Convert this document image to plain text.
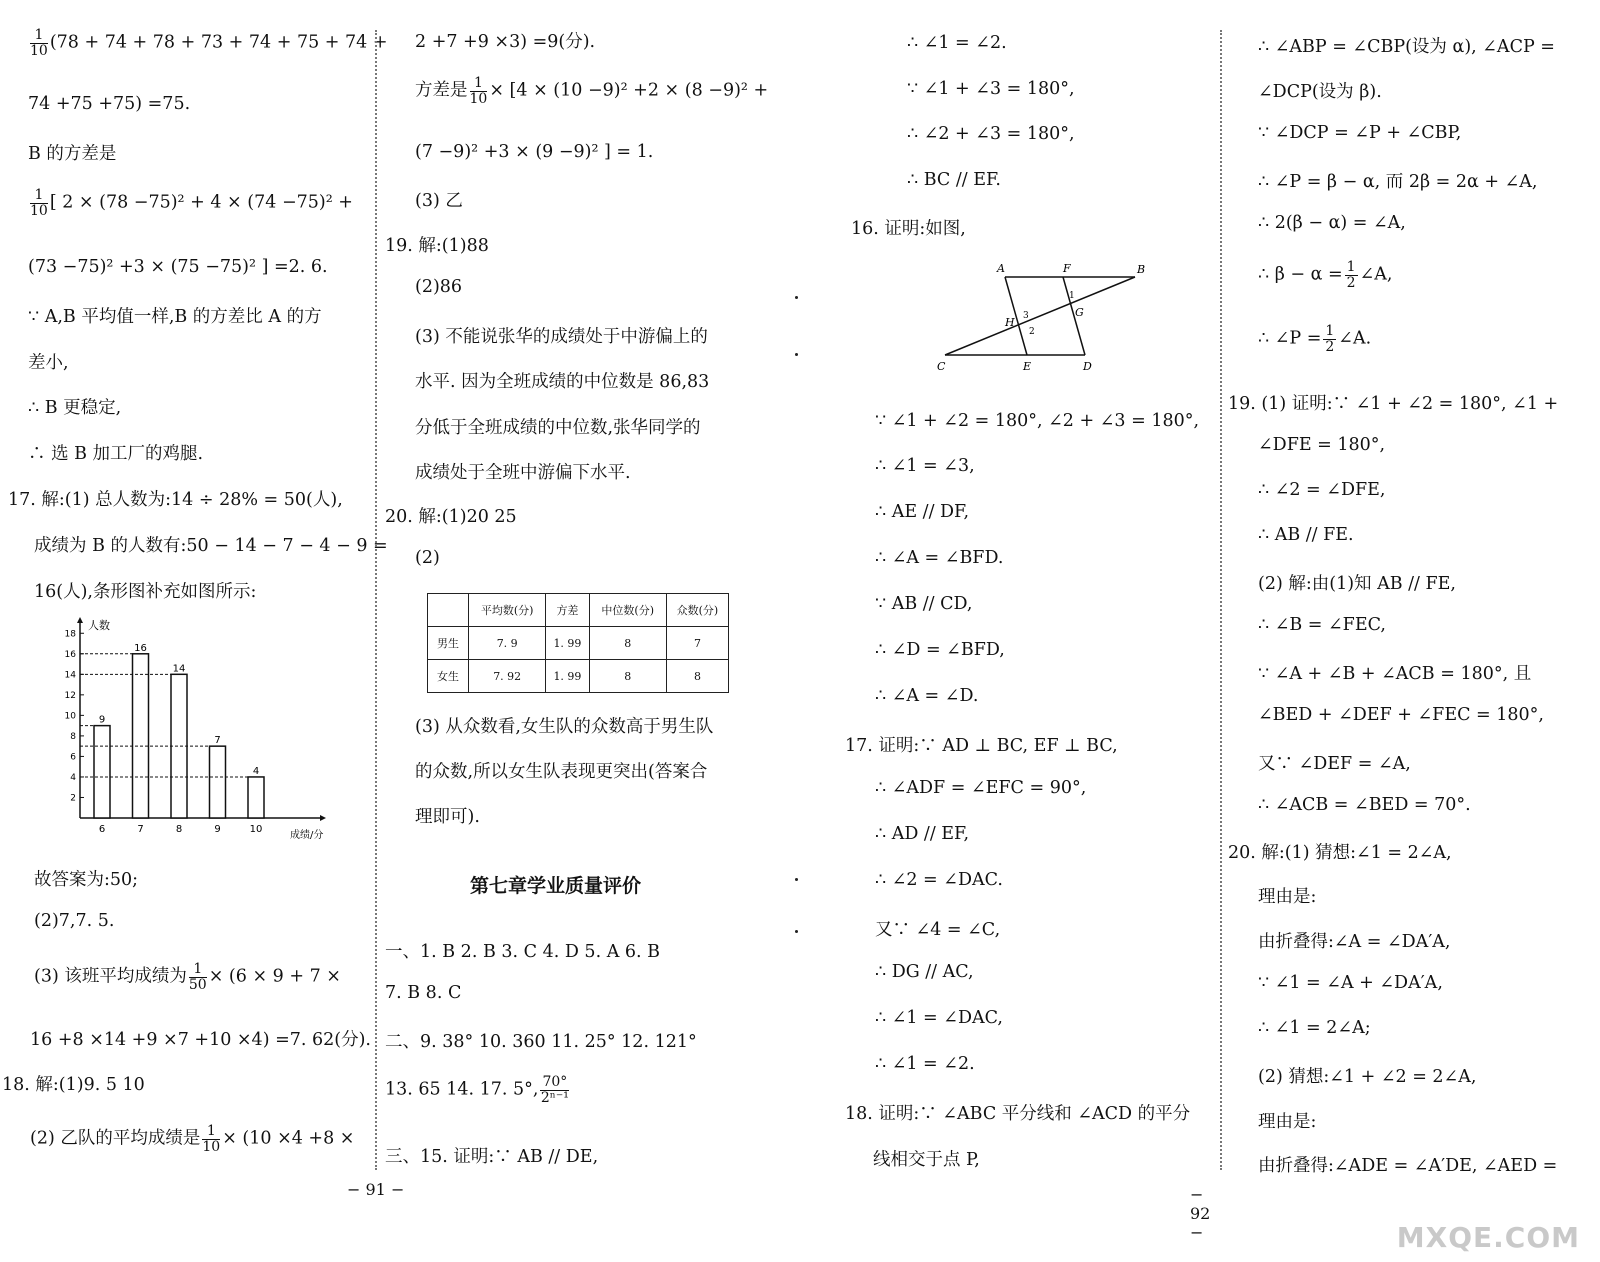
$\frac{1}{10} (78 + 74 + 78 + 73 + 74 + 75 + 74$ +
74 +75 +75) =75.
B 的方差是
$\frac{1}{10}$ [ 2 × (78 −75)² + 4 × (74 −75)² +
(73 −75)² +3 × (75 −75)² ] =2. 6.
∵ A,B 平均值一样,B 的方差比 A 的方
差小,
∴ B 更稳定,
∴ 选 B 加工厂的鸡腿.
17. 解:(1) 总人数为:14 ÷ 28% = 50(人),
成绩为 B 的人数有:50 − 14 − 7 − 4 − 9 =
16(人),条形图补充如图所示:
人数
成绩/分
2
4
6
8
10
12
14
16
18
9
6
16
7
14
8
7
9
4
10
故答案为:50;
(2)7,7. 5.
(3) 该班平均成绩为 $\frac{1}{50} \times (6 \times 9 + 7$ ×
16 +8 ×14 +9 ×7 +10 ×4) =7. 62(分).
18. 解:(1)9. 5 10
(2) 乙队的平均成绩是 $\frac{1}{10} \times (10 \times 4 +8$ ×
2 +7 +9 ×3) =9(分).
方差是 $\frac{1}{10} \times [4 \times (10 -9)^2 +2 \times (8 -9)^2$ +
(7 −9)² +3 × (9 −9)² ] = 1.
(3) 乙
19. 解:(1)88
(2)86
(3) 不能说张华的成绩处于中游偏上的
水平. 因为全班成绩的中位数是 86,83
分低于全班成绩的中位数,张华同学的
成绩处于全班中游偏下水平.
20. 解:(1)20 25
(2)
	平均数(分)	方差	中位数(分)	众数(分)
男生	7. 9	1. 99	8	7
女生	7. 92	1. 99	8	8
(3) 从众数看,女生队的众数高于男生队
的众数,所以女生队表现更突出(答案合
理即可).
第七章学业质量评价
一、1. B 2. B 3. C 4. D 5. A 6. B
7. B 8. C
二、9. 38° 10. 360 11. 25° 12. 121°
13. 65 14. 17. 5°, $\frac{70^\circ}{\text{2ⁿ⁻¹}}$
三、15. 证明:∵ AB // DE,
− 91 −
∴ ∠1 = ∠2.
∵ ∠1 + ∠3 = 180°,
∴ ∠2 + ∠3 = 180°,
∴ BC // EF.
16. 证明:如图,
A	F	B
C	E	D
H
G
1
2
3
∵ ∠1 + ∠2 = 180°, ∠2 + ∠3 = 180°,
∴ ∠1 = ∠3,
∴ AE // DF,
∴ ∠A = ∠BFD.
∵ AB // CD,
∴ ∠D = ∠BFD,
∴ ∠A = ∠D.
17. 证明:∵ AD ⊥ BC, EF ⊥ BC,
∴ ∠ADF = ∠EFC = 90°,
∴ AD // EF,
∴ ∠2 = ∠DAC.
又∵ ∠4 = ∠C,
∴ DG // AC,
∴ ∠1 = ∠DAC,
∴ ∠1 = ∠2.
18. 证明:∵ ∠ABC 平分线和 ∠ACD 的平分
线相交于点 P,
− 92 −
∴ ∠ABP = ∠CBP(设为 α), ∠ACP =
∠DCP(设为 β).
∵ ∠DCP = ∠P + ∠CBP,
∴ ∠P = β − α, 而 2β = 2α + ∠A,
∴ 2(β − α) = ∠A,
∴ $\beta - \alpha = \frac{1}{2}$ ∠A,
∴ ∠P = $\frac{1}{2}$ ∠A.
19. (1) 证明:∵ ∠1 + ∠2 = 180°, ∠1 +
∠DFE = 180°,
∴ ∠2 = ∠DFE,
∴ AB // FE.
(2) 解:由(1)知 AB // FE,
∴ ∠B = ∠FEC,
∵ ∠A + ∠B + ∠ACB = 180°, 且
∠BED + ∠DEF + ∠FEC = 180°,
又∵ ∠DEF = ∠A,
∴ ∠ACB = ∠BED = 70°.
20. 解:(1) 猜想:∠1 = 2∠A,
理由是:
由折叠得:∠A = ∠DA′A,
∵ ∠1 = ∠A + ∠DA′A,
∴ ∠1 = 2∠A;
(2) 猜想:∠1 + ∠2 = 2∠A,
理由是:
由折叠得:∠ADE = ∠A′DE, ∠AED =
MXQE.COM
